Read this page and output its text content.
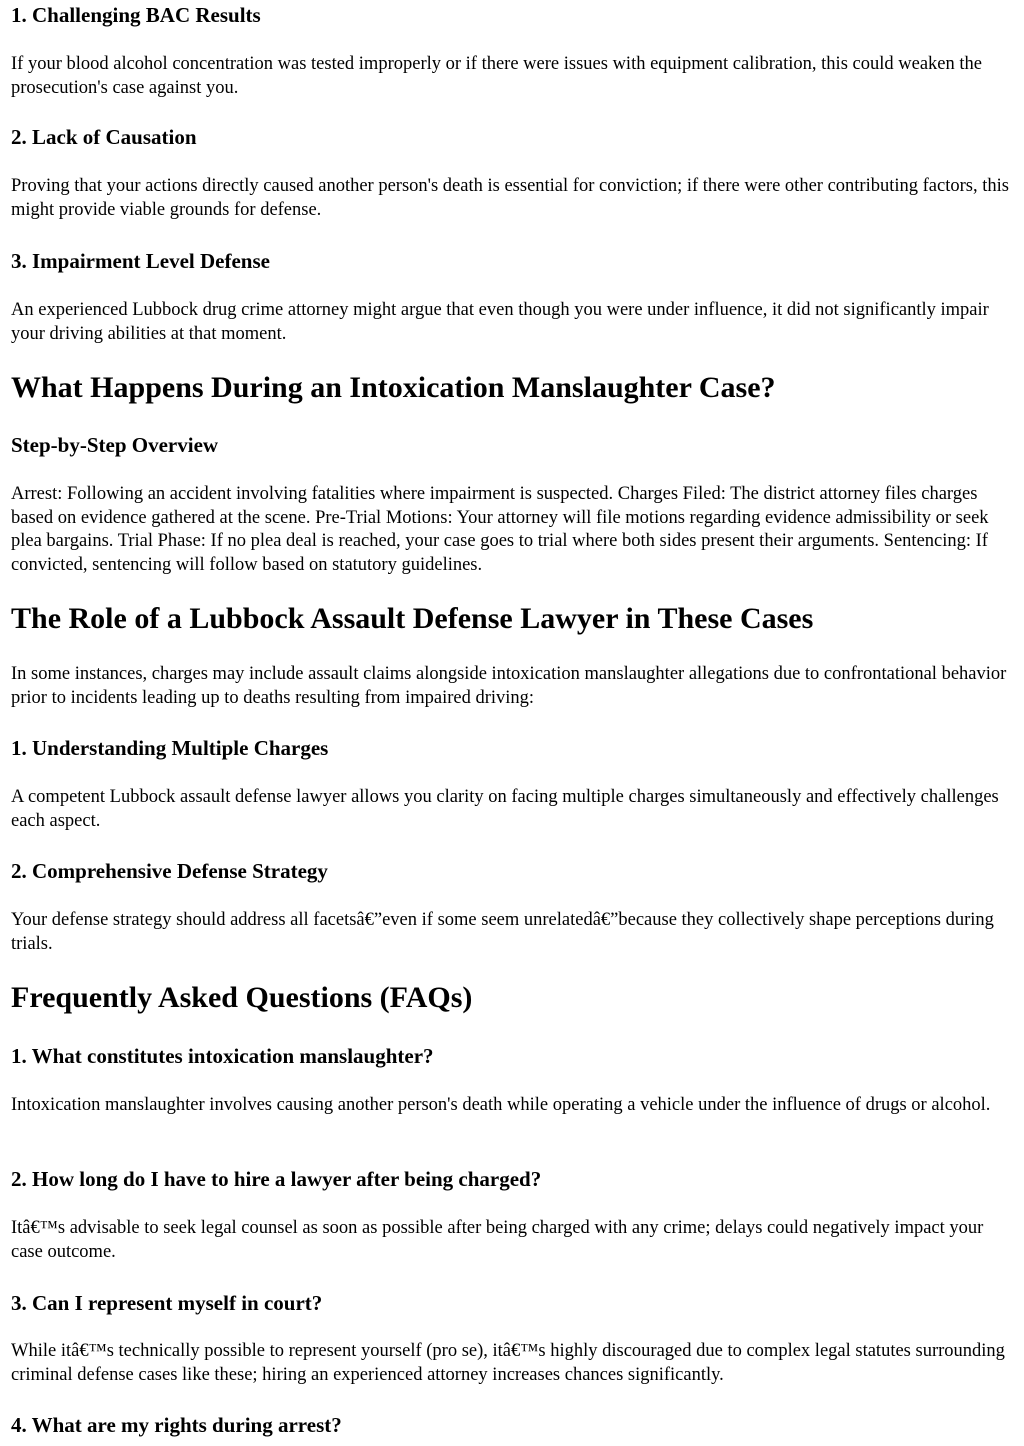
1. Challenging BAC Results

If your blood alcohol concentration was tested improperly or if there were issues with equipment calibration, this could weaken the prosecution's case against you.

2. Lack of Causation

Proving that your actions directly caused another person's death is essential for conviction; if there were other contributing factors, this might provide viable grounds for defense.

3. Impairment Level Defense

An experienced Lubbock drug crime attorney might argue that even though you were under influence, it did not significantly impair your driving abilities at that moment.

What Happens During an Intoxication Manslaughter Case?
Step-by-Step Overview

Arrest: Following an accident involving fatalities where impairment is suspected. Charges Filed: The district attorney files charges based on evidence gathered at the scene. Pre-Trial Motions: Your attorney will file motions regarding evidence admissibility or seek plea bargains. Trial Phase: If no plea deal is reached, your case goes to trial where both sides present their arguments. Sentencing: If convicted, sentencing will follow based on statutory guidelines.

The Role of a Lubbock Assault Defense Lawyer in These Cases

In some instances, charges may include assault claims alongside intoxication manslaughter allegations due to confrontational behavior prior to incidents leading up to deaths resulting from impaired driving:

1. Understanding Multiple Charges

A competent Lubbock assault defense lawyer allows you clarity on facing multiple charges simultaneously and effectively challenges each aspect.

2. Comprehensive Defense Strategy

Your defense strategy should address all facetsâ€”even if some seem unrelatedâ€”because they collectively shape perceptions during trials.

Frequently Asked Questions (FAQs)
1. What constitutes intoxication manslaughter?

Intoxication manslaughter involves causing another person's death while operating a vehicle under the influence of drugs or alcohol.

2. How long do I have to hire a lawyer after being charged?

Itâ€™s advisable to seek legal counsel as soon as possible after being charged with any crime; delays could negatively impact your case outcome.

3. Can I represent myself in court?

While itâ€™s technically possible to represent yourself (pro se), itâ€™s highly discouraged due to complex legal statutes surrounding criminal defense cases like these; hiring an experienced attorney increases chances significantly.

4. What are my rights during arrest?
